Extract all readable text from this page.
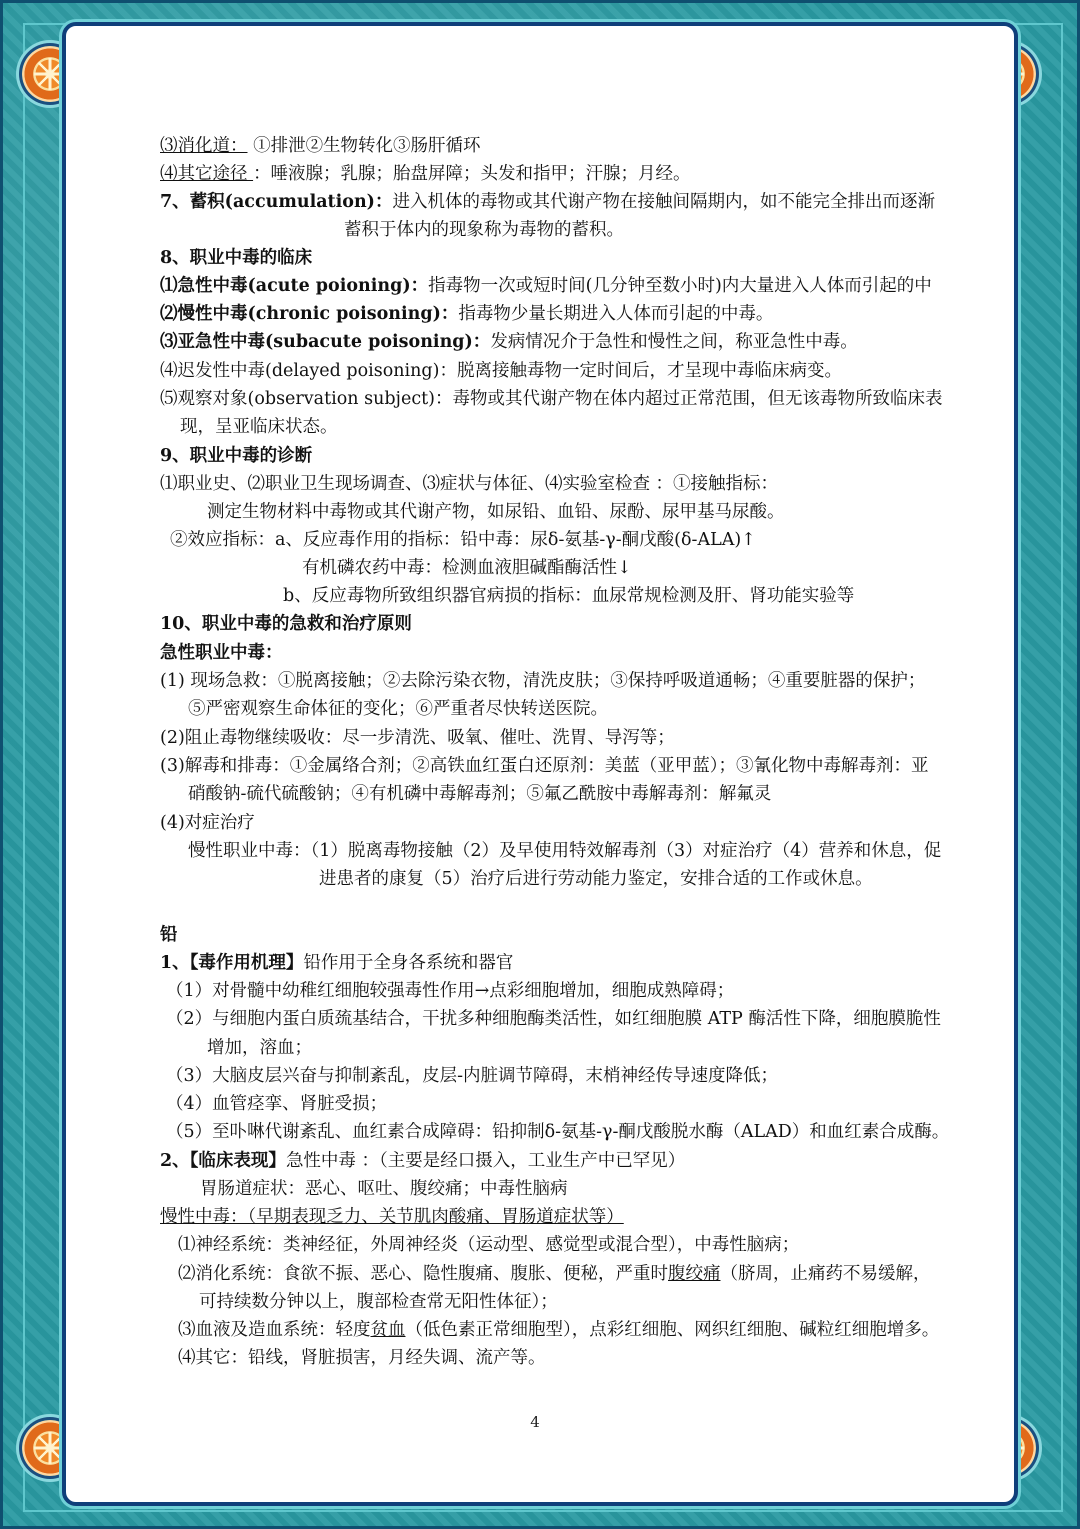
⑶消化道： ①排泄②生物转化③肠肝循环
⑷其它途径 ：唾液腺；乳腺；胎盘屏障；头发和指甲；汗腺；月经。
7、蓄积(accumulation)：进入机体的毒物或其代谢产物在接触间隔期内，如不能完全排出而逐渐
蓄积于体内的现象称为毒物的蓄积。
8、职业中毒的临床
⑴急性中毒(acute poioning)：指毒物一次或短时间(几分钟至数小时)内大量进入人体而引起的中
⑵慢性中毒(chronic poisoning)：指毒物少量长期进入人体而引起的中毒。
⑶亚急性中毒(subacute poisoning)：发病情况介于急性和慢性之间，称亚急性中毒。
⑷迟发性中毒(delayed poisoning)：脱离接触毒物一定时间后，才呈现中毒临床病变。
⑸观察对象(observation subject)：毒物或其代谢产物在体内超过正常范围，但无该毒物所致临床表
现，呈亚临床状态。
9、职业中毒的诊断
⑴职业史、⑵职业卫生现场调查、⑶症状与体征、⑷实验室检查 ：①接触指标：
测定生物材料中毒物或其代谢产物，如尿铅、血铅、尿酚、尿甲基马尿酸。
②效应指标：a、反应毒作用的指标：铅中毒：尿δ-氨基-γ-酮戊酸(δ-ALA)↑
有机磷农药中毒：检测血液胆碱酯酶活性↓
b、反应毒物所致组织器官病损的指标：血尿常规检测及肝、肾功能实验等
10、职业中毒的急救和治疗原则
急性职业中毒：
(1) 现场急救：①脱离接触；②去除污染衣物，清洗皮肤；③保持呼吸道通畅；④重要脏器的保护；
⑤严密观察生命体征的变化；⑥严重者尽快转送医院。
(2)阻止毒物继续吸收：尽一步清洗、吸氧、催吐、洗胃、导泻等；
(3)解毒和排毒：①金属络合剂；②高铁血红蛋白还原剂：美蓝（亚甲蓝）；③氰化物中毒解毒剂：亚
硝酸钠-硫代硫酸钠；④有机磷中毒解毒剂；⑤氟乙酰胺中毒解毒剂：解氟灵
(4)对症治疗
慢性职业中毒：（1）脱离毒物接触（2）及早使用特效解毒剂（3）对症治疗（4）营养和休息，促
进患者的康复（5）治疗后进行劳动能力鉴定，安排合适的工作或休息。
铅
1、【毒作用机理】铅作用于全身各系统和器官
（1）对骨髓中幼稚红细胞较强毒性作用→点彩细胞增加，细胞成熟障碍；
（2）与细胞内蛋白质巯基结合，干扰多种细胞酶类活性，如红细胞膜 ATP 酶活性下降，细胞膜脆性
增加，溶血；
（3）大脑皮层兴奋与抑制紊乱，皮层-内脏调节障碍，末梢神经传导速度降低；
（4）血管痉挛、肾脏受损；
（5）至卟啉代谢紊乱、血红素合成障碍：铅抑制δ-氨基-γ-酮戊酸脱水酶（ALAD）和血红素合成酶。
2、【临床表现】急性中毒 ：（主要是经口摄入，工业生产中已罕见）
胃肠道症状：恶心、呕吐、腹绞痛；中毒性脑病
慢性中毒：（早期表现乏力、关节肌肉酸痛、胃肠道症状等）
⑴神经系统：类神经征，外周神经炎（运动型、感觉型或混合型），中毒性脑病；
⑵消化系统：食欲不振、恶心、隐性腹痛、腹胀、便秘，严重时腹绞痛（脐周，止痛药不易缓解，
可持续数分钟以上，腹部检查常无阳性体征）；
⑶血液及造血系统：轻度贫血（低色素正常细胞型），点彩红细胞、网织红细胞、碱粒红细胞增多。
⑷其它：铅线，肾脏损害，月经失调、流产等。
4
